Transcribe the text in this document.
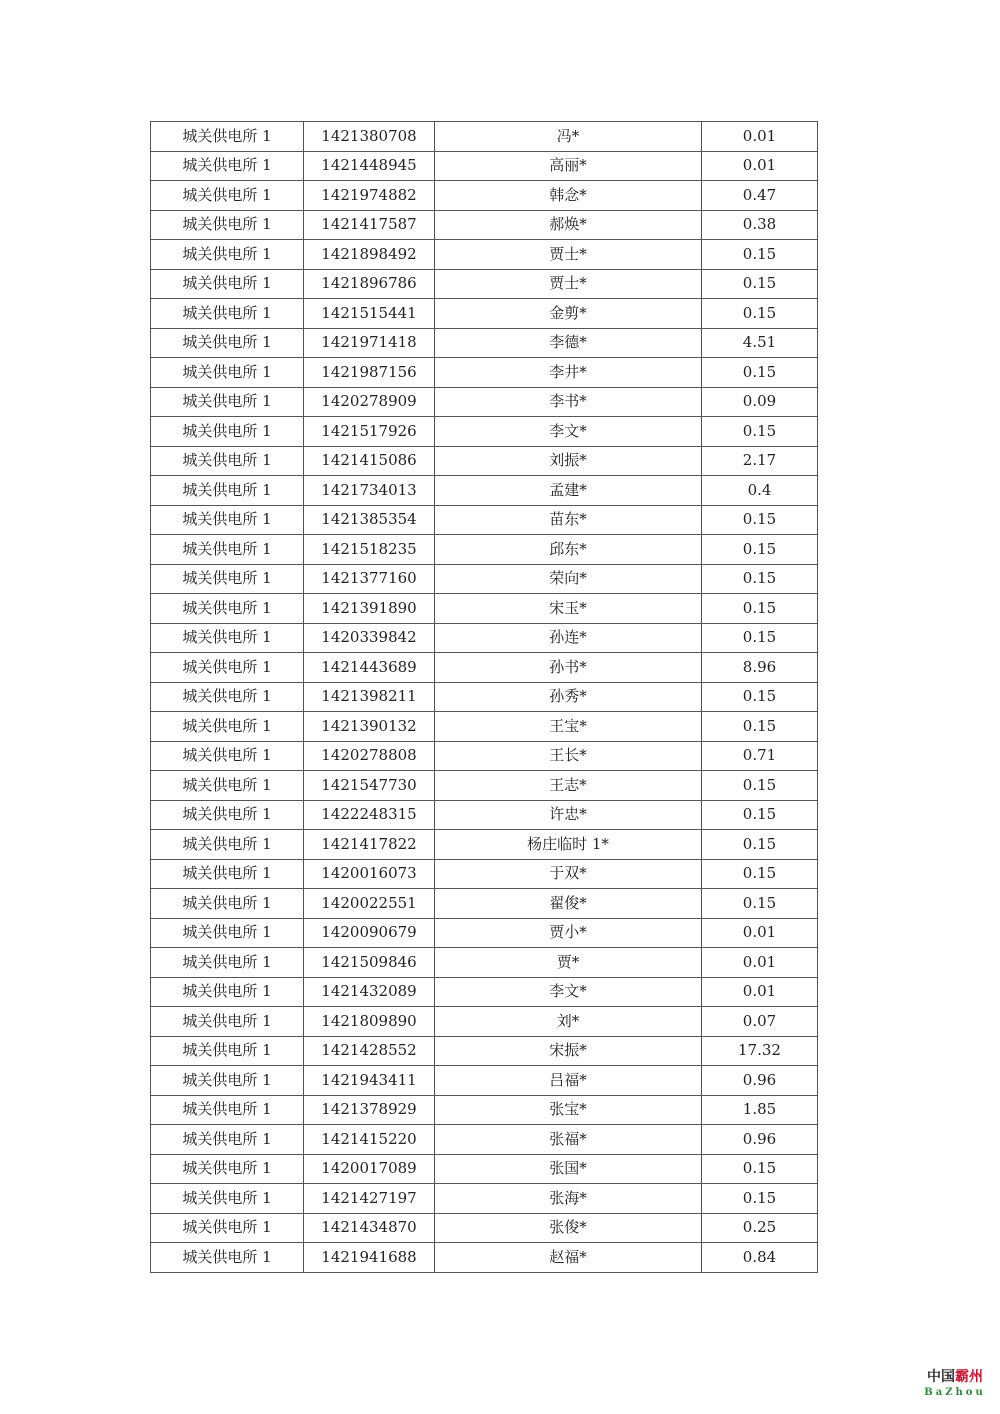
城关供电所 1	1421380708	冯*	0.01
城关供电所 1	1421448945	高丽*	0.01
城关供电所 1	1421974882	韩念*	0.47
城关供电所 1	1421417587	郝焕*	0.38
城关供电所 1	1421898492	贾士*	0.15
城关供电所 1	1421896786	贾士*	0.15
城关供电所 1	1421515441	金剪*	0.15
城关供电所 1	1421971418	李德*	4.51
城关供电所 1	1421987156	李井*	0.15
城关供电所 1	1420278909	李书*	0.09
城关供电所 1	1421517926	李文*	0.15
城关供电所 1	1421415086	刘振*	2.17
城关供电所 1	1421734013	孟建*	0.4
城关供电所 1	1421385354	苗东*	0.15
城关供电所 1	1421518235	邱东*	0.15
城关供电所 1	1421377160	荣向*	0.15
城关供电所 1	1421391890	宋玉*	0.15
城关供电所 1	1420339842	孙连*	0.15
城关供电所 1	1421443689	孙书*	8.96
城关供电所 1	1421398211	孙秀*	0.15
城关供电所 1	1421390132	王宝*	0.15
城关供电所 1	1420278808	王长*	0.71
城关供电所 1	1421547730	王志*	0.15
城关供电所 1	1422248315	许忠*	0.15
城关供电所 1	1421417822	杨庄临时 1*	0.15
城关供电所 1	1420016073	于双*	0.15
城关供电所 1	1420022551	翟俊*	0.15
城关供电所 1	1420090679	贾小*	0.01
城关供电所 1	1421509846	贾*	0.01
城关供电所 1	1421432089	李文*	0.01
城关供电所 1	1421809890	刘*	0.07
城关供电所 1	1421428552	宋振*	17.32
城关供电所 1	1421943411	吕福*	0.96
城关供电所 1	1421378929	张宝*	1.85
城关供电所 1	1421415220	张福*	0.96
城关供电所 1	1420017089	张国*	0.15
城关供电所 1	1421427197	张海*	0.15
城关供电所 1	1421434870	张俊*	0.25
城关供电所 1	1421941688	赵福*	0.84
中国霸州
BaZhou
